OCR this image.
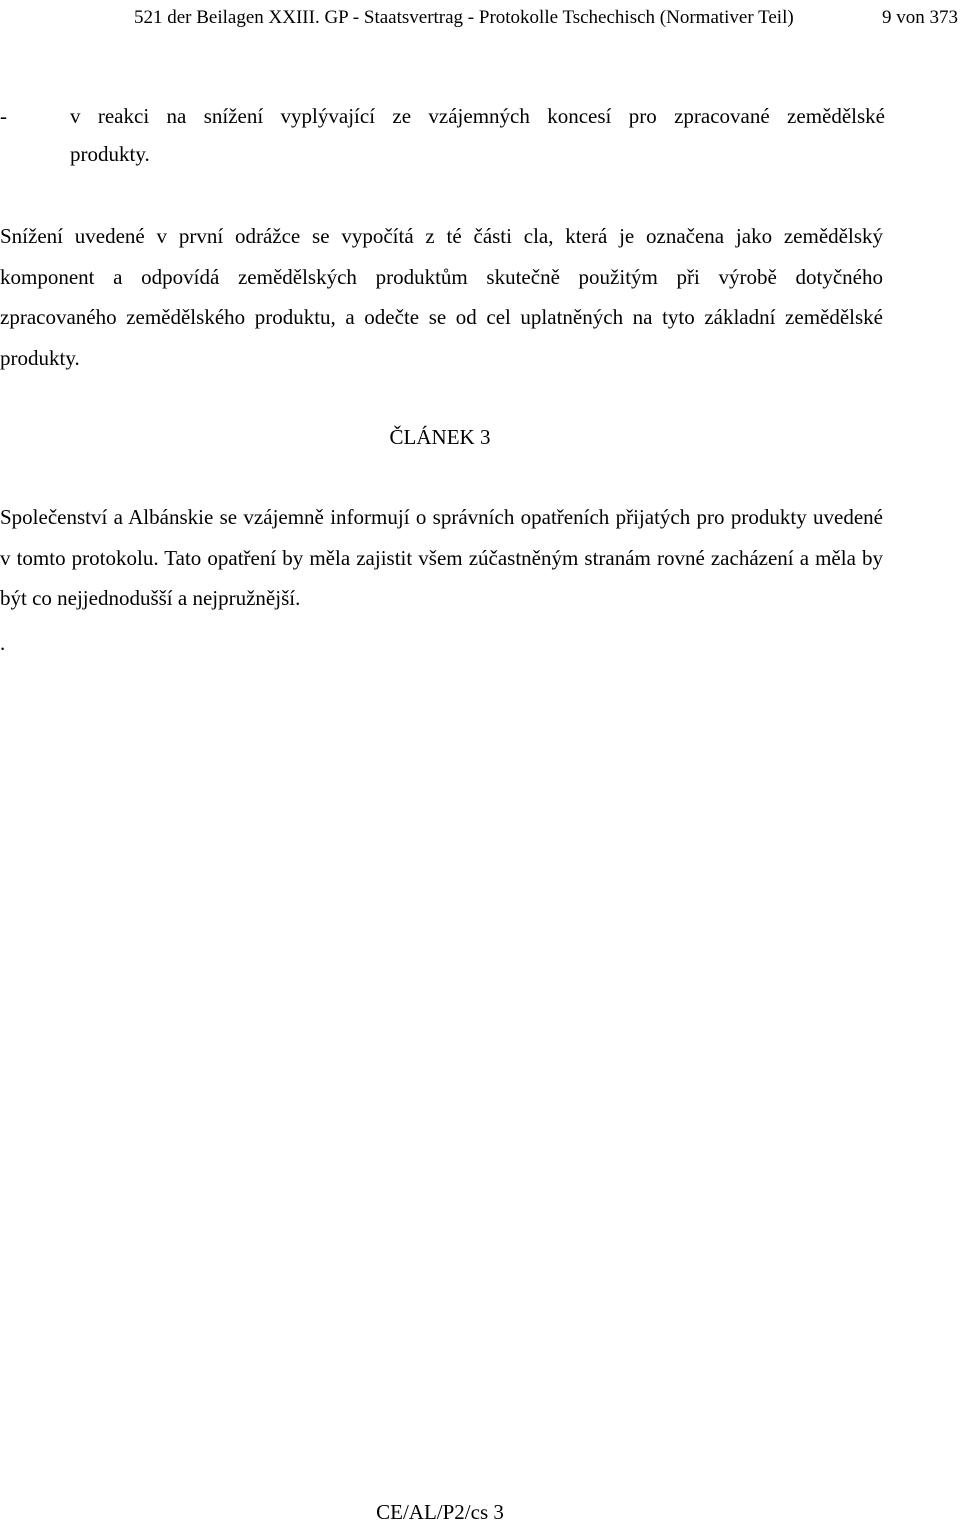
521 der Beilagen XXIII. GP - Staatsvertrag - Protokolle Tschechisch (Normativer Teil)	9 von 373
-	v reakci na snížení vyplývající ze vzájemných koncesí pro zpracované zemědělské
produkty.
Snížení uvedené v první odrážce se vypočítá z té části cla, která je označena jako zemědělský komponent a odpovídá zemědělských produktům skutečně použitým při výrobě dotyčného zpracovaného zemědělského produktu, a odečte se od cel uplatněných na tyto základní zemědělské produkty.
ČLÁNEK 3
Společenství a Albánskie se vzájemně informují o správních opatřeních přijatých pro produkty uvedené v tomto protokolu. Tato opatření by měla zajistit všem zúčastněným stranám rovné zacházení a měla by být co nejjednodušší a nejpružnější.
.
CE/AL/P2/cs 3
